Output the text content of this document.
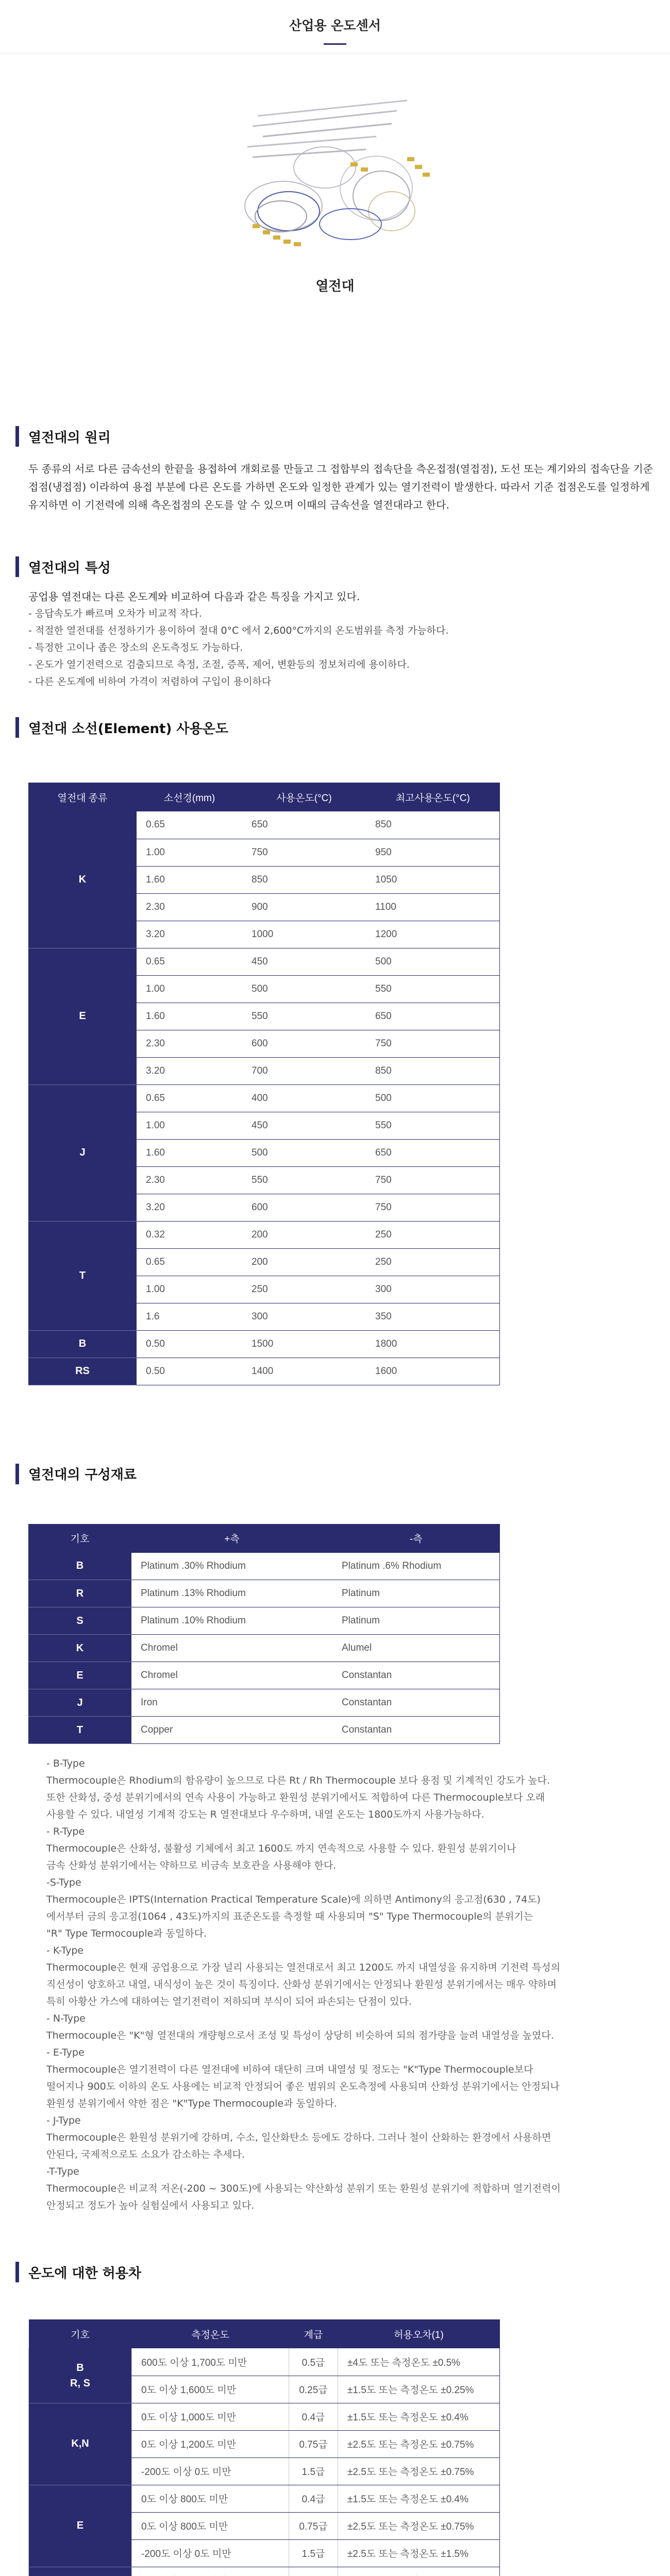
산업용 온도센서
열전대
열전대의 원리

두 종류의 서로 다른 금속선의 한끝을 용접하여 개회로를 만들고 그 접합부의 접속단을 측온접점(열접점), 도선 또는 계기와의 접속단을 기준접점(냉접점) 이라하여 용접 부분에 다른 온도를 가하면 온도와 일정한 관계가 있는 열기전력이 발생한다. 따라서 기준 접점온도를 일정하게 유지하면 이 기전력에 의해 측온접점의 온도를 알 수 있으며 이때의 금속선을 열전대라고 한다.

열전대의 특성
공업용 열전대는 다른 온도계와 비교하여 다음과 같은 특징을 가지고 있다.
- 응답속도가 빠르며 오차가 비교적 작다.
- 적절한 열전대를 선정하기가 용이하여 절대 0°C 에서 2,600°C까지의 온도범위를 측정 가능하다.
- 특정한 고이나 좁은 장소의 온도측정도 가능하다.
- 온도가 열기전력으로 검출되므로 측정, 조절, 증폭, 제어, 변환등의 정보처리에 용이하다.
- 다른 온도계에 비하여 가격이 저렴하여 구입이 용이하다
열전대 소선(Element) 사용온도
열전대 종류	소선경(mm)	사용온도(°C)	최고사용온도(°C)
K	0.65	650	850
	1.00	750	950
	1.60	850	1050
	2.30	900	1100
	3.20	1000	1200
E	0.65	450	500
	1.00	500	550
	1.60	550	650
	2.30	600	750
	3.20	700	850
J	0.65	400	500
	1.00	450	550
	1.60	500	650
	2.30	550	750
	3.20	600	750
T	0.32	200	250
	0.65	200	250
	1.00	250	300
	1.6	300	350
B	0.50	1500	1800
RS	0.50	1400	1600
열전대의 구성재료
기호	+측	-측
B	Platinum .30% Rhodium	Platinum .6% Rhodium
R	Platinum .13% Rhodium	Platinum
S	Platinum .10% Rhodium	Platinum
K	Chromel	Alumel
E	Chromel	Constantan
J	Iron	Constantan
T	Copper	Constantan
- B-Type
Thermocouple은 Rhodium의 함유량이 높으므로 다른 Rt / Rh Thermocouple 보다 용점 및 기계적인 강도가 높다.
또한 산화성, 중성 분위기에서의 연속 사용이 가능하고 환원성 분위기에서도 적합하여 다른 Thermocouple보다 오래
사용할 수 있다. 내열성 기계적 강도는 R 열전대보다 우수하며, 내열 온도는 1800도까지 사용가능하다.
- R-Type
Thermocouple은 산화성, 불활성 기체에서 최고 1600도 까지 연속적으로 사용할 수 있다. 환원성 분위기이나
금속 산화성 분위기에서는 약하므로 비금속 보호관을 사용해야 한다.
-S-Type
Thermocouple은 IPTS(Internation Practical Temperature Scale)에 의하면 Antimony의 응고점(630 , 74도)
에서부터 금의 응고점(1064 , 43도)까지의 표준온도를 측정할 때 사용되며 "S" Type Thermocouple의 분위기는
"R" Type Termocouple과 동일하다.
- K-Type
Thermocouple은 현재 공업용으로 가장 널리 사용되는 열전대로서 최고 1200도 까지 내열성을 유지하며 기전력 특성의
직선성이 양호하고 내열, 내식성이 높은 것이 특징이다. 산화성 분위기에서는 안정되나 환원성 분위기에서는 매우 약하며
특히 아황산 가스에 대하여는 열기전력이 저하되며 부식이 되어 파손되는 단점이 있다.
- N-Type
Thermocouple은 "K"형 열전대의 개량형으로서 조성 및 특성이 상당히 비슷하여 되의 점가량을 늘려 내열성을 높였다.
- E-Type
Thermocouple은 열기전력이 다른 열전대에 비하여 대단히 크며 내열성 및 정도는 "K"Type Thermocouple보다
떨어지나 900도 이하의 온도 사용에는 비교적 안정되어 좋은 범위의 온도측정에 사용되며 산화성 분위기에서는 안정되나
환원성 분위기에서 약한 점은 "K"Type Thermocouple과 동일하다.
- J-Type
Thermocouple은 환원성 분위기에 강하며, 수소, 일산화탄소 등에도 강하다. 그러나 철이 산화하는 환경에서 사용하면
안된다, 국제적으로도 소요가 감소하는 추세다.
-T-Type
Thermocouple은 비교적 저온(-200 ~ 300도)에 사용되는 약산화성 분위기 또는 환원성 분위기에 적합하며 열기전력이
안정되고 정도가 높아 실험실에서 사용되고 있다.
온도에 대한 허용차
기호	측정온도	계급	허용오차(1)

B
R, S	600도 이상 1,700도 미만	0.5급	±4도 또는 측정온도 ±0.5%
	0도 이상 1,600도 미만	0.25급	±1.5도 또는 측정온도 ±0.25%
K,N	0도 이상 1,000도 미만	0.4급	±1.5도 또는 측정온도 ±0.4%
	0도 이상 1,200도 미만	0.75급	±2.5도 또는 측정온도 ±0.75%
	-200도 이상 0도 미만	1.5급	±2.5도 또는 측정온도 ±0.75%
E	0도 이상 800도 미만	0.4급	±1.5도 또는 측정온도 ±0.4%
	0도 이상 800도 미만	0.75급	±2.5도 또는 측정온도 ±0.75%
	-200도 이상 0도 미만	1.5급	±2.5도 또는 측정온도 ±1.5%
